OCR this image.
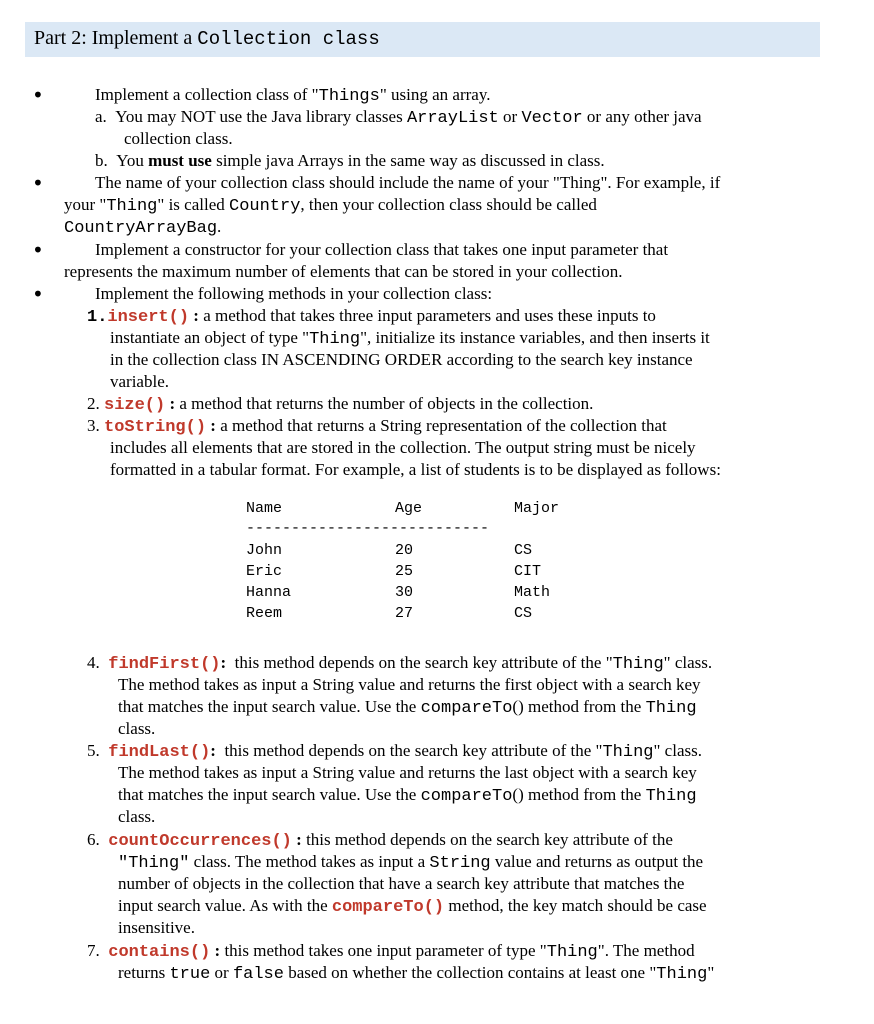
Part 2: Implement a Collection class
•	Implement a collection class of "Things" using an array.
a. You may NOT use the Java library classes ArrayList or Vector or any other java
collection class.
b. You must use simple java Arrays in the same way as discussed in class.
•	The name of your collection class should include the name of your "Thing". For example, if
your "Thing" is called Country, then your collection class should be called
CountryArrayBag.
•	Implement a constructor for your collection class that takes one input parameter that
represents the maximum number of elements that can be stored in your collection.
•	Implement the following methods in your collection class:
1.insert() : a method that takes three input parameters and uses these inputs to
instantiate an object of type "Thing", initialize its instance variables, and then inserts it
in the collection class IN ASCENDING ORDER according to the search key instance
variable.
2. size() : a method that returns the number of objects in the collection.
3. toString() : a method that returns a String representation of the collection that
includes all elements that are stored in the collection. The output string must be nicely
formatted in a tabular format. For example, a list of students is to be displayed as follows:
Name	Age	Major
---------------------------
John	20	CS
Eric	25	CIT
Hanna	30	Math
Reem	27	CS
4. findFirst():  this method depends on the search key attribute of the "Thing" class.
The method takes as input a String value and returns the first object with a search key
that matches the input search value. Use the compareTo() method from the Thing
class.
5. findLast():  this method depends on the search key attribute of the "Thing" class.
The method takes as input a String value and returns the last object with a search key
that matches the input search value. Use the compareTo() method from the Thing
class.
6. countOccurrences() : this method depends on the search key attribute of the
"Thing" class. The method takes as input a String value and returns as output the
number of objects in the collection that have a search key attribute that matches the
input search value. As with the compareTo() method, the key match should be case
insensitive.
7. contains() : this method takes one input parameter of type "Thing". The method
returns true or false based on whether the collection contains at least one "Thing"
